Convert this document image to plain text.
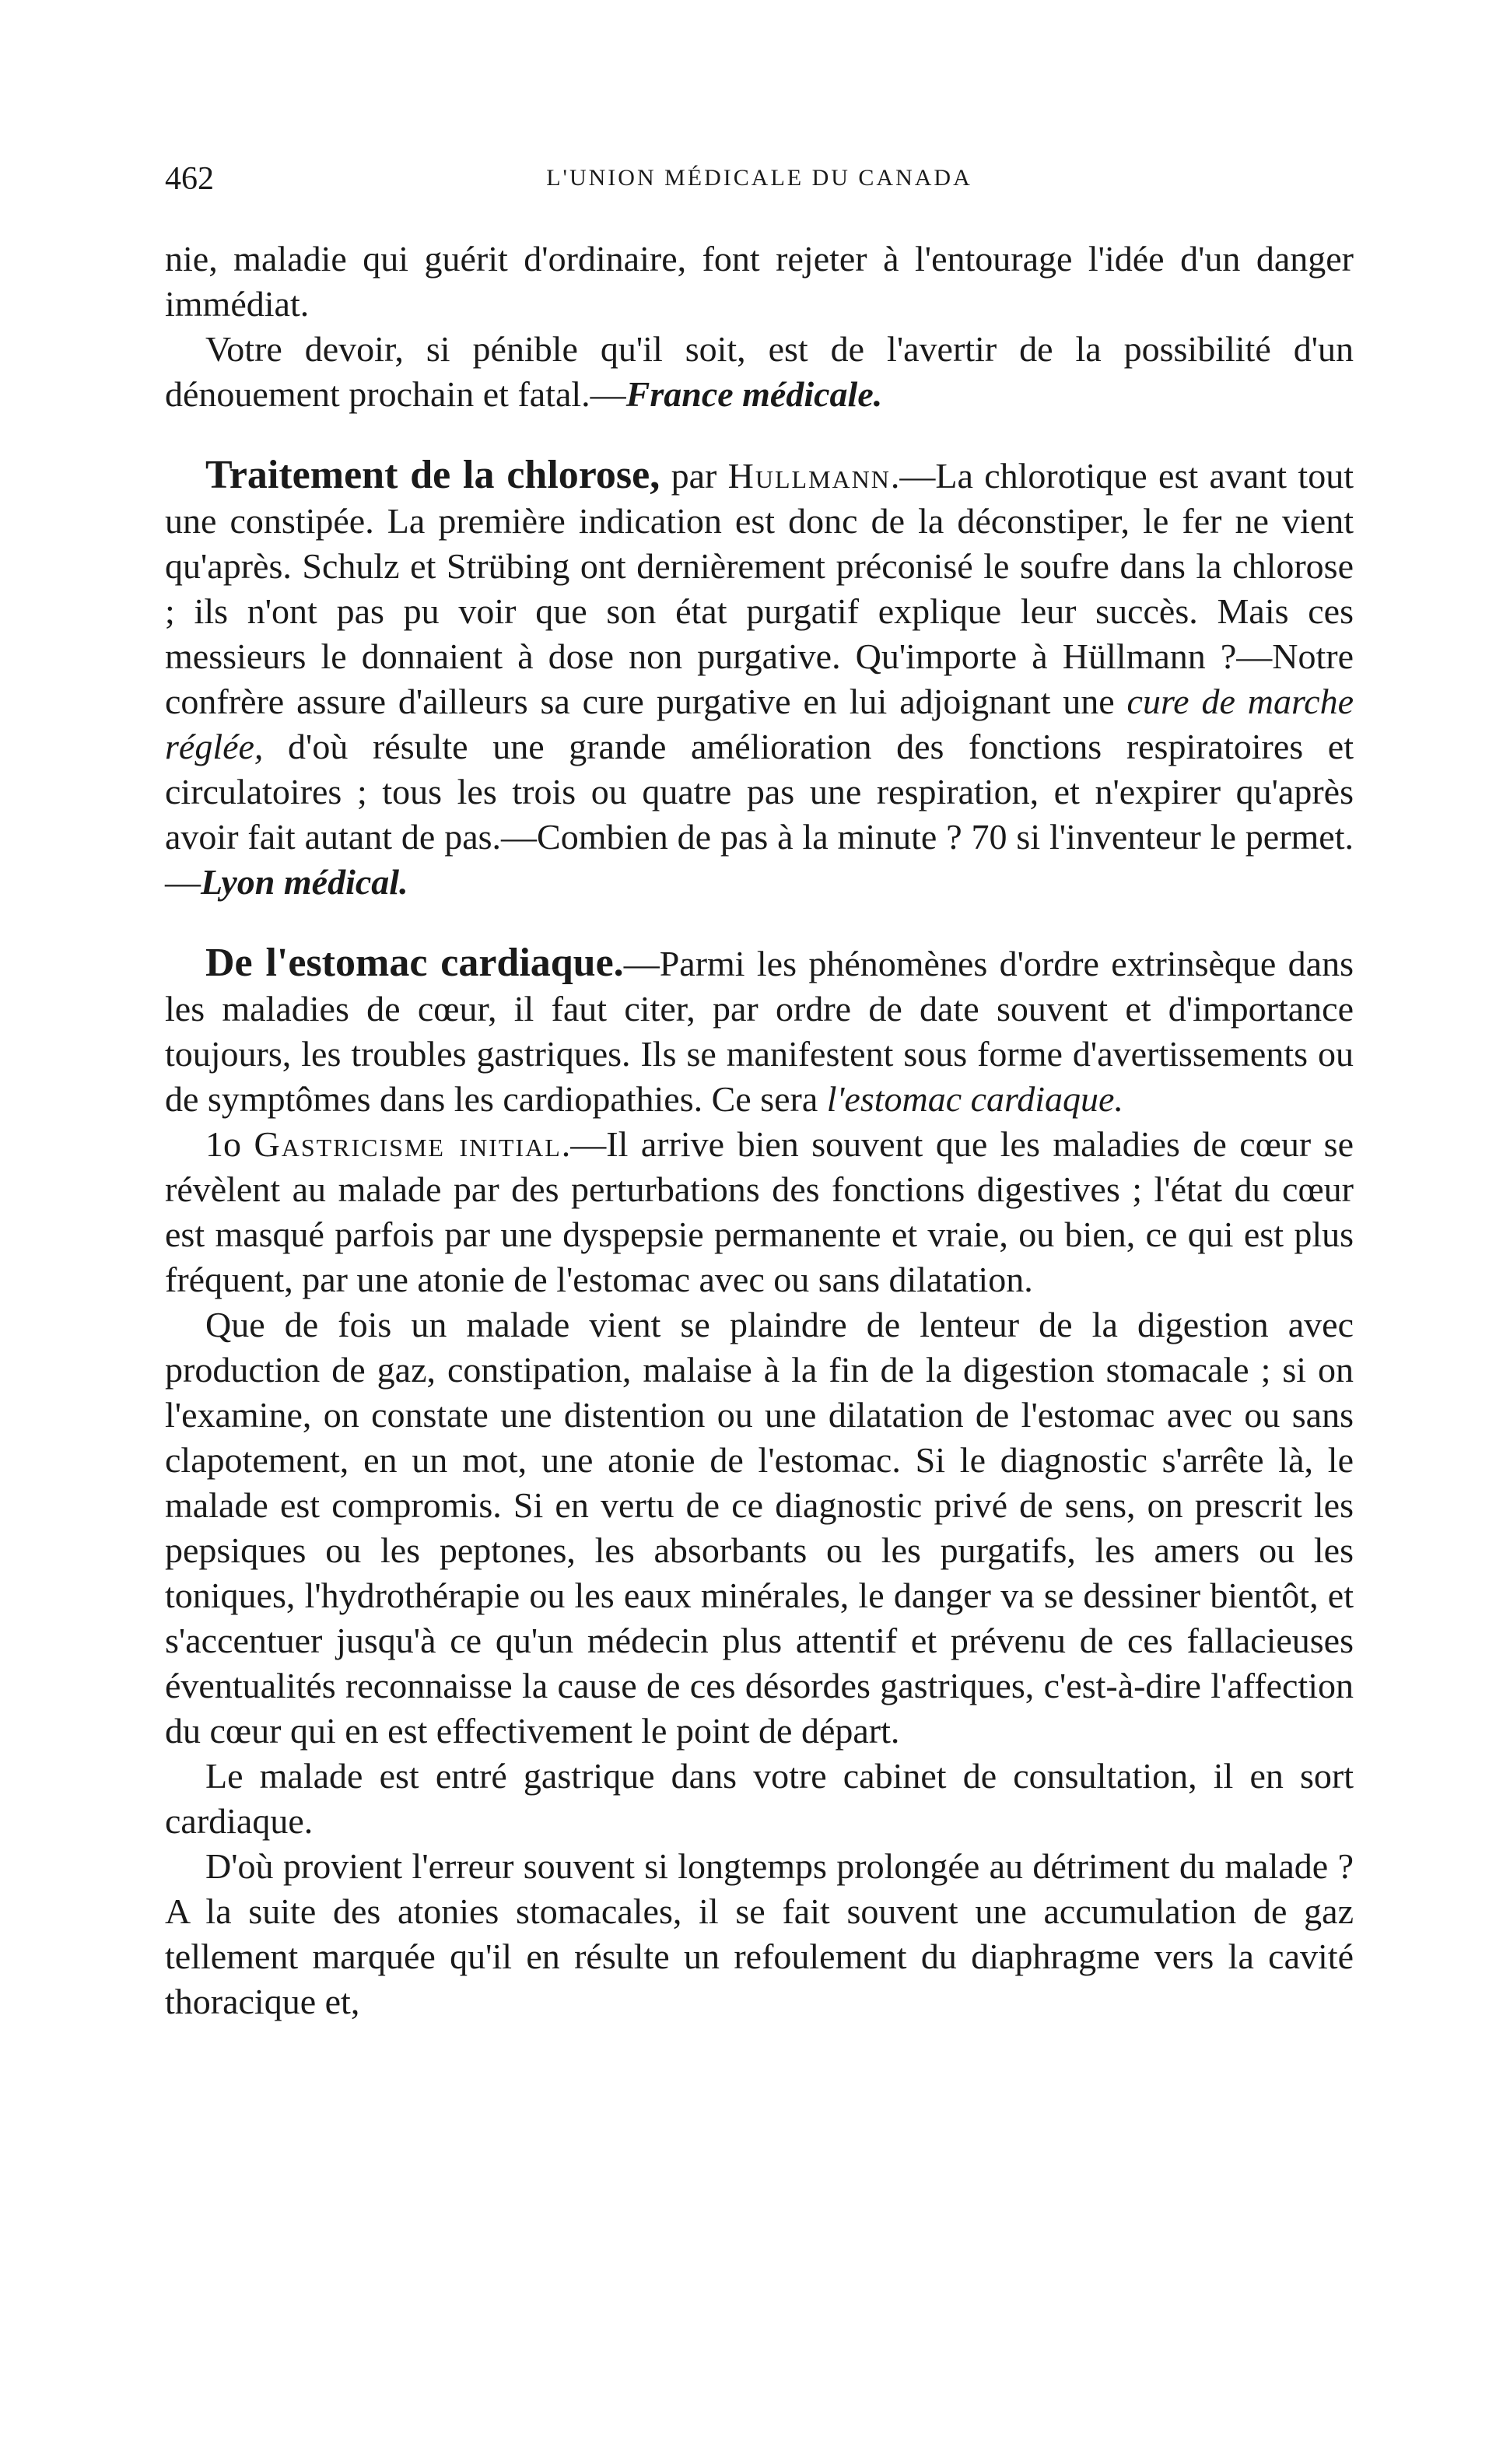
462	L'UNION MÉDICALE DU CANADA

nie, maladie qui guérit d'ordinaire, font rejeter à l'entourage l'idée d'un danger immédiat.

Votre devoir, si pénible qu'il soit, est de l'avertir de la possibilité d'un dénouement prochain et fatal.—France médicale.

Traitement de la chlorose, par Hullmann.—La chlorotique est avant tout une constipée. La première indication est donc de la déconstiper, le fer ne vient qu'après. Schulz et Strübing ont dernièrement préconisé le soufre dans la chlorose ; ils n'ont pas pu voir que son état purgatif explique leur succès. Mais ces messieurs le donnaient à dose non purgative. Qu'importe à Hüllmann ?—Notre confrère assure d'ailleurs sa cure purgative en lui adjoignant une cure de marche réglée, d'où résulte une grande amélioration des fonctions respiratoires et circulatoires ; tous les trois ou quatre pas une respiration, et n'expirer qu'après avoir fait autant de pas.—Combien de pas à la minute ? 70 si l'inventeur le permet.—Lyon médical.

De l'estomac cardiaque.—Parmi les phénomènes d'ordre extrinsèque dans les maladies de cœur, il faut citer, par ordre de date souvent et d'importance toujours, les troubles gastriques. Ils se manifestent sous forme d'avertissements ou de symptômes dans les cardiopathies. Ce sera l'estomac cardiaque.

1o Gastricisme initial.—Il arrive bien souvent que les maladies de cœur se révèlent au malade par des perturbations des fonctions digestives ; l'état du cœur est masqué parfois par une dyspepsie permanente et vraie, ou bien, ce qui est plus fréquent, par une atonie de l'estomac avec ou sans dilatation.

Que de fois un malade vient se plaindre de lenteur de la digestion avec production de gaz, constipation, malaise à la fin de la digestion stomacale ; si on l'examine, on constate une distention ou une dilatation de l'estomac avec ou sans clapotement, en un mot, une atonie de l'estomac. Si le diagnostic s'arrête là, le malade est compromis. Si en vertu de ce diagnostic privé de sens, on prescrit les pepsiques ou les peptones, les absorbants ou les purgatifs, les amers ou les toniques, l'hydrothérapie ou les eaux minérales, le danger va se dessiner bientôt, et s'accentuer jusqu'à ce qu'un médecin plus attentif et prévenu de ces fallacieuses éventualités reconnaisse la cause de ces désordes gastriques, c'est-à-dire l'affection du cœur qui en est effectivement le point de départ.

Le malade est entré gastrique dans votre cabinet de consultation, il en sort cardiaque.

D'où provient l'erreur souvent si longtemps prolongée au détriment du malade ? A la suite des atonies stomacales, il se fait souvent une accumulation de gaz tellement marquée qu'il en résulte un refoulement du diaphragme vers la cavité thoracique et,
